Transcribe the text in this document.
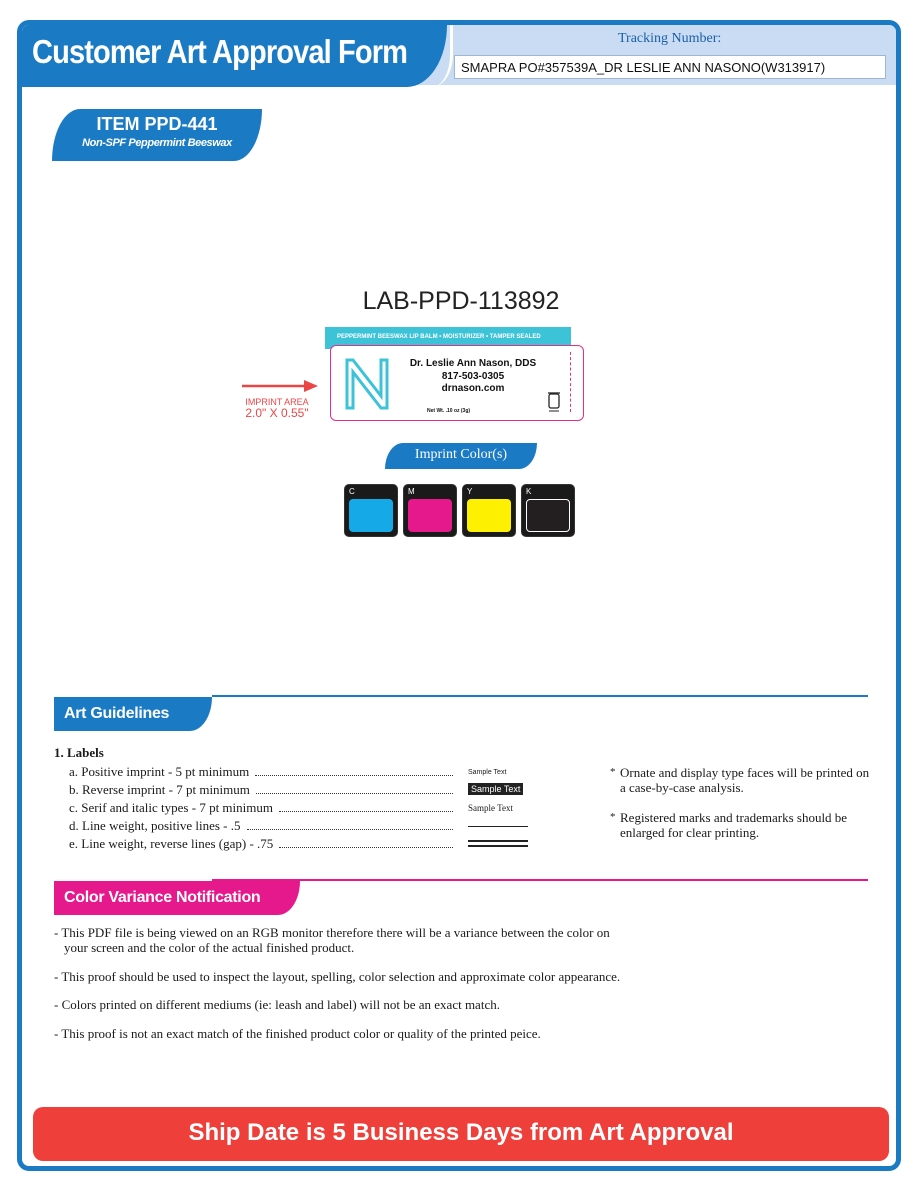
Customer Art Approval Form	Tracking Number:
SMAPRA PO#357539A_DR LESLIE ANN NASONO(W313917)
ITEM PPD-441
Non-SPF Peppermint Beeswax
LAB-PPD-113892
PEPPERMINT BEESWAX LIP BALM • MOISTURIZER • TAMPER SEALED
Dr. Leslie Ann Nason, DDS
817-503-0305
drnason.com
Net Wt. .10 oz (3g)
IMPRINT AREA
2.0" X 0.55"
Imprint Color(s)
C	M	Y	K
Art Guidelines
1. Labels
a. Positive imprint - 5 pt minimum	Sample Text
b. Reverse imprint - 7 pt minimum	Sample Text
c. Serif and italic types - 7 pt minimum	Sample Text
d. Line weight, positive lines - .5
e. Line weight, reverse lines (gap) - .75
* Ornate and display type faces will be printed on a case-by-case analysis.
* Registered marks and trademarks should be enlarged for clear printing.
Color Variance Notification
- This PDF file is being viewed on an RGB monitor therefore there will be a variance between the color on
your screen and the color of the actual finished product.
- This proof should be used to inspect the layout, spelling, color selection and approximate color appearance.
- Colors printed on different mediums (ie: leash and label) will not be an exact match.
- This proof is not an exact match of the finished product color or quality of the printed peice.
Ship Date is 5 Business Days from Art Approval
